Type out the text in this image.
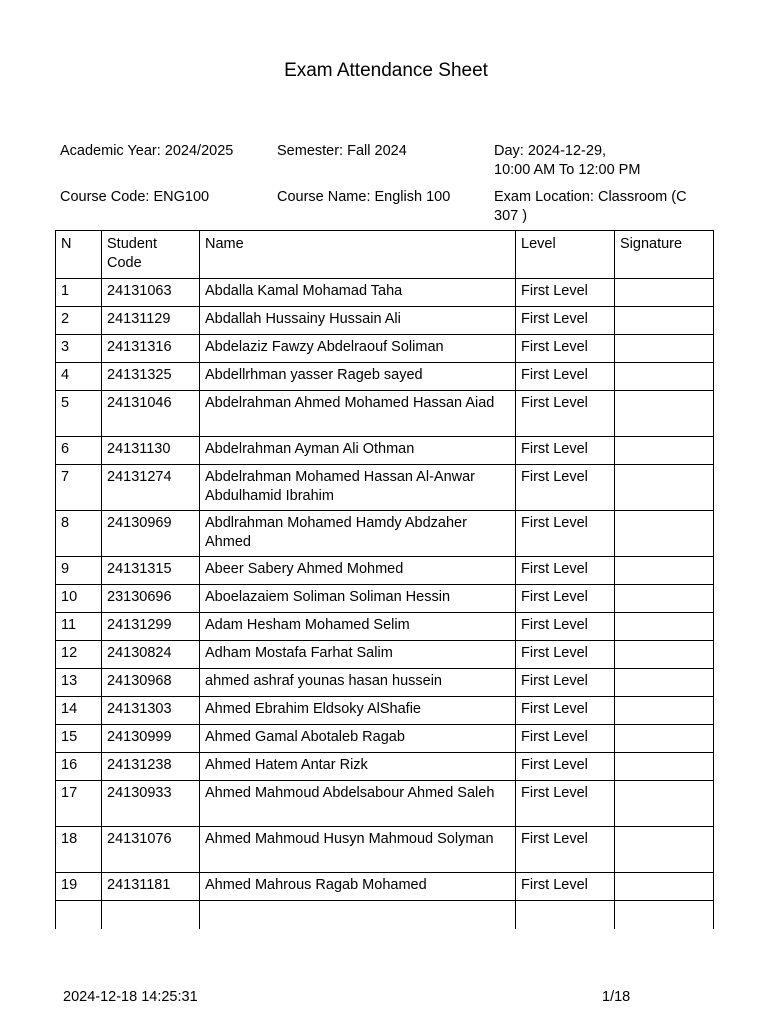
Exam Attendance Sheet
Academic Year: 2024/2025	Semester: Fall 2024	Day: 2024-12-29,
10:00 AM To 12:00 PM
Course Code: ENG100	Course Name: English 100	Exam Location: Classroom (C 307 )
N	Student Code	Name	Level	Signature
1	24131063	Abdalla Kamal Mohamad Taha	First Level	
2	24131129	Abdallah Hussainy Hussain Ali	First Level	
3	24131316	Abdelaziz Fawzy Abdelraouf Soliman	First Level	
4	24131325	Abdellrhman yasser Rageb sayed	First Level	
5	24131046	Abdelrahman Ahmed Mohamed Hassan Aiad	First Level	
6	24131130	Abdelrahman Ayman Ali Othman	First Level	
7	24131274	Abdelrahman Mohamed Hassan Al-Anwar Abdulhamid Ibrahim	First Level	
8	24130969	Abdlrahman Mohamed Hamdy Abdzaher Ahmed	First Level	
9	24131315	Abeer Sabery Ahmed Mohmed	First Level	
10	23130696	Aboelazaiem Soliman Soliman Hessin	First Level	
11	24131299	Adam Hesham Mohamed Selim	First Level	
12	24130824	Adham Mostafa Farhat Salim	First Level	
13	24130968	ahmed ashraf younas hasan hussein	First Level	
14	24131303	Ahmed Ebrahim Eldsoky AlShafie	First Level	
15	24130999	Ahmed Gamal Abotaleb Ragab	First Level	
16	24131238	Ahmed Hatem Antar Rizk	First Level	
17	24130933	Ahmed Mahmoud Abdelsabour Ahmed Saleh	First Level	
18	24131076	Ahmed Mahmoud Husyn Mahmoud Solyman	First Level	
19	24131181	Ahmed Mahrous Ragab Mohamed	First Level	

2024-12-18 14:25:31	1/18
